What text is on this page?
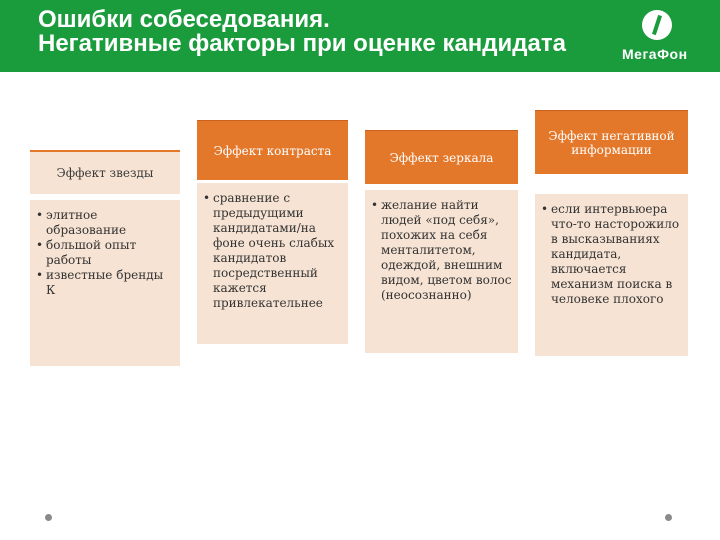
Ошибки собеседования.
Негативные факторы при оценке кандидата	МегаФон
Эффект звезды
• элитное образование
• большой опыт работы
• известные бренды К
Эффект контраста
• сравнение с предыдущими кандидатами/на фоне очень слабых кандидатов посредственный кажется привлекательнее
Эффект зеркала
• желание найти людей «под себя», похожих на себя менталитетом, одеждой, внешним видом, цветом волос (неосознанно)
Эффект негативной информации
• если интервьюера что-то насторожило в высказываниях кандидата, включается механизм поиска в человеке плохого
